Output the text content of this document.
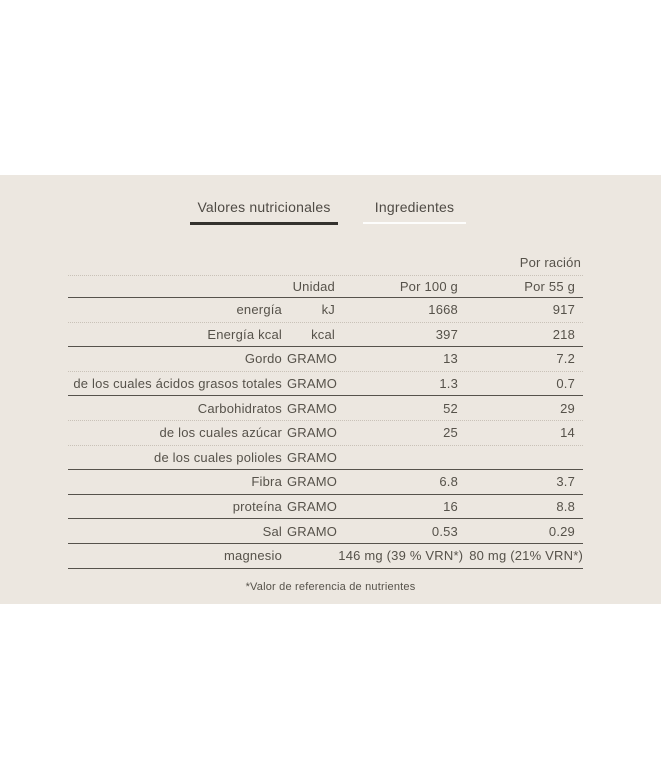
Valores nutricionales	Ingredientes
Por ración
Unidad	Por 100 g	Por 55 g
energía	kJ	1668	917
Energía kcal	kcal	397	218
Gordo GRAMO	13	7.2
de los cuales ácidos grasos totales GRAMO	1.3	0.7
Carbohidratos GRAMO	52	29
de los cuales azúcar GRAMO	25	14
de los cuales polioles GRAMO
Fibra GRAMO	6.8	3.7
proteína GRAMO	16	8.8
Sal GRAMO	0.53	0.29
magnesio	146 mg (39 % VRN*) 80 mg (21% VRN*)
*Valor de referencia de nutrientes
